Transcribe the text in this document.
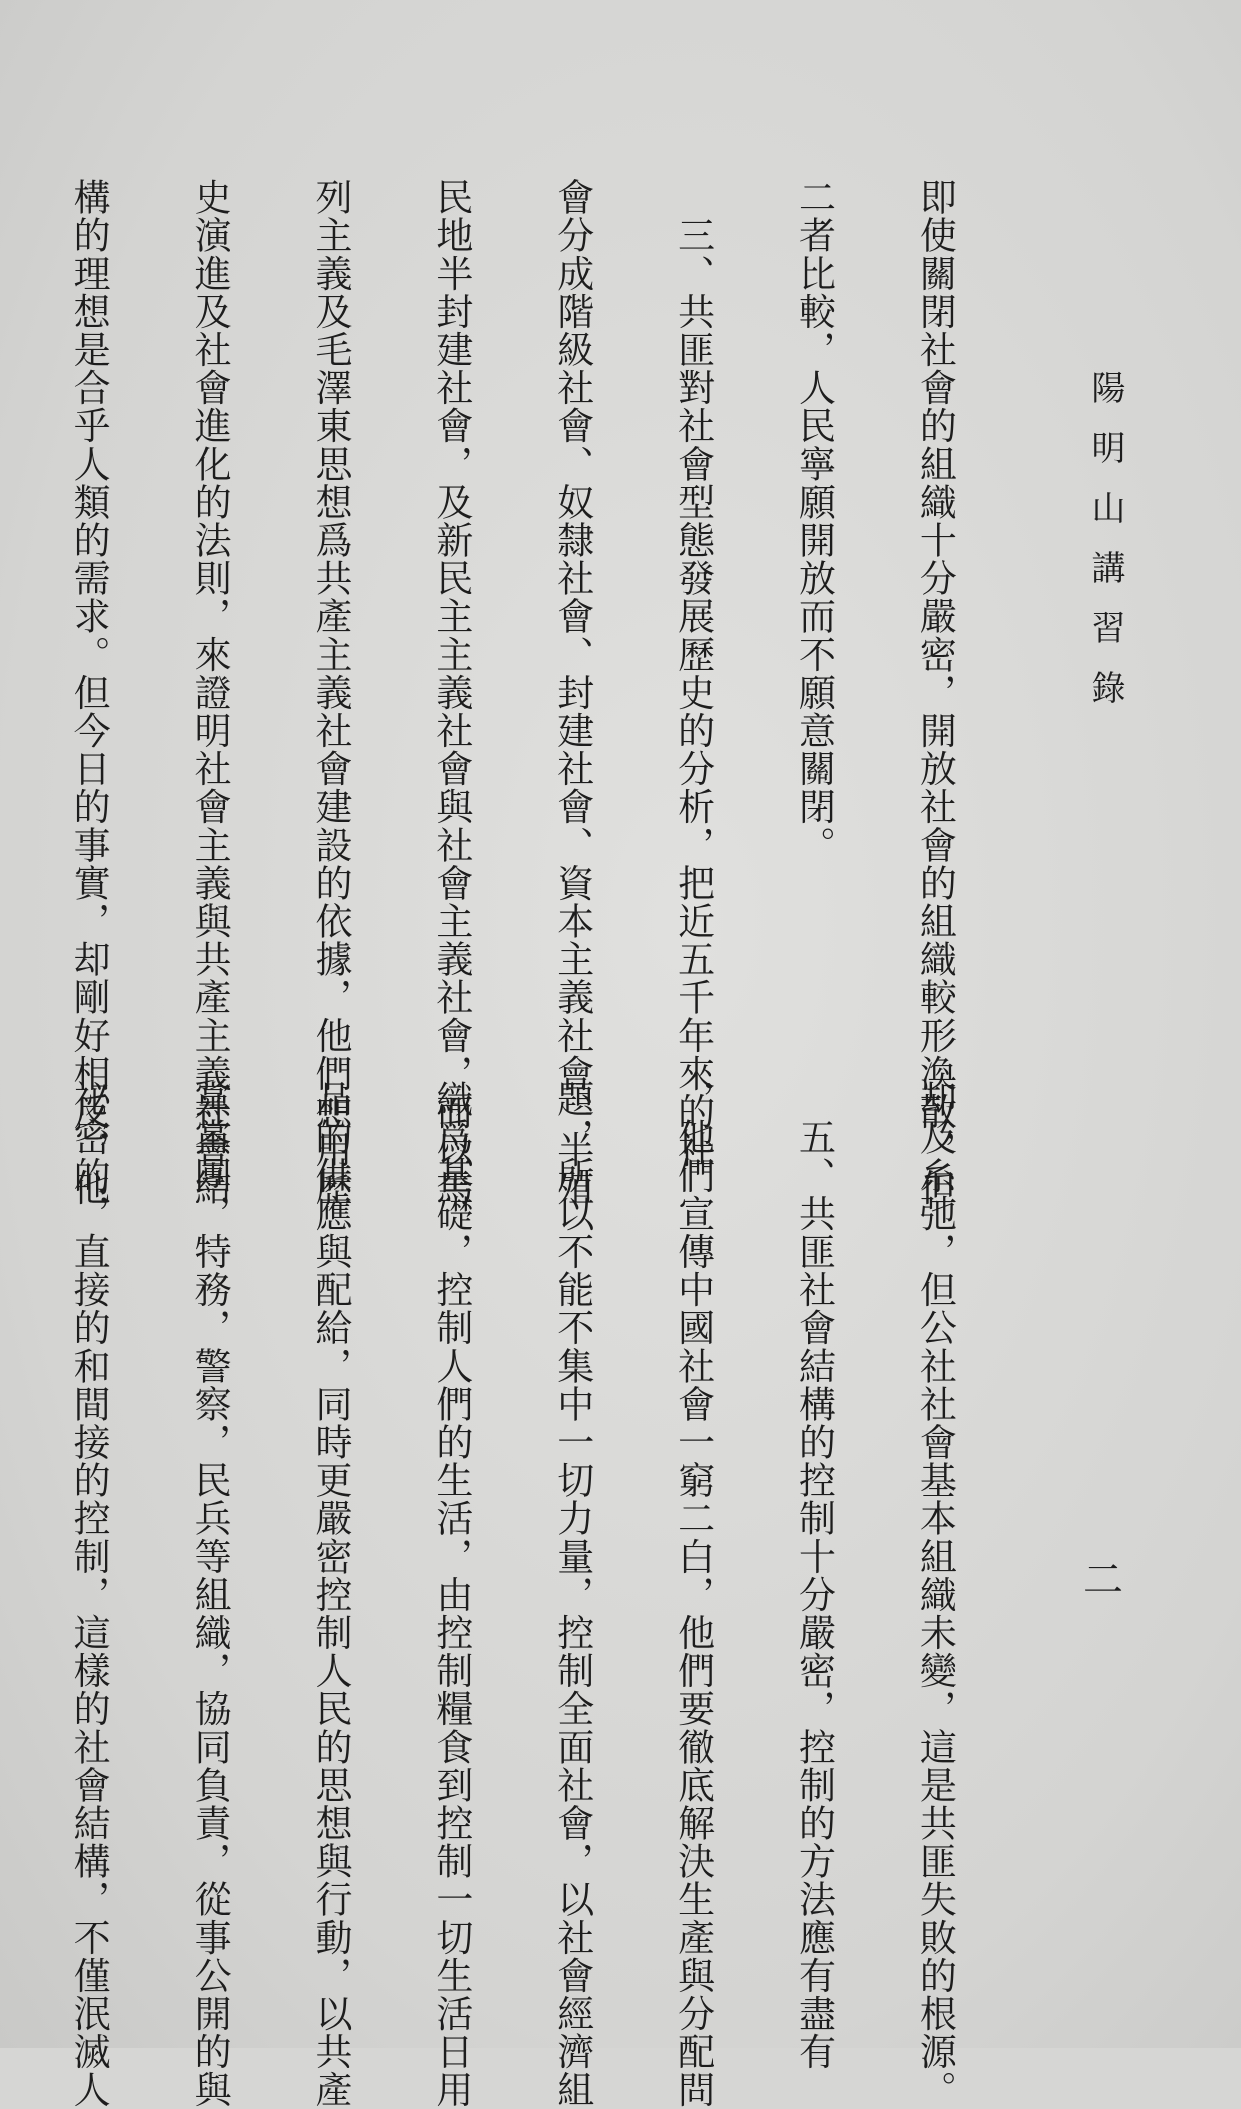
陽明山講習錄
二

即使關閉社會的組織十分嚴密，開放社會的組織較形渙散，但

二者比較，人民寧願開放而不願意關閉。

　三、共匪對社會型態發展歷史的分析，把近五千年來的社

會分成階級社會、奴隸社會、封建社會、資本主義社會、半殖

民地半封建社會，及新民主主義社會與社會主義社會，而以馬

列主義及毛澤東思想爲共產主義社會建設的依據，他們想用歷

史演進及社會進化的法則，來證明社會主義與共產主義社會結

構的理想是合乎人類的需求。但今日的事實，却剛好相反，他

却及糸弛，但公社社會基本組織未變，這是共匪失敗的根源。

　五、共匪社會結構的控制十分嚴密，控制的方法應有盡有

，他們宣傳中國社會一窮二白，他們要徹底解決生產與分配問

題，所以不能不集中一切力量，控制全面社會，以社會經濟組

織爲基礎，控制人們的生活，由控制糧食到控制一切生活日用

品的供應與配給，同時更嚴密控制人民的思想與行動，以共產

黨黨團，特務，警察，民兵等組織，協同負責，從事公開的與

祕密的，直接的和間接的控制，這樣的社會結構，不僅泯滅人
